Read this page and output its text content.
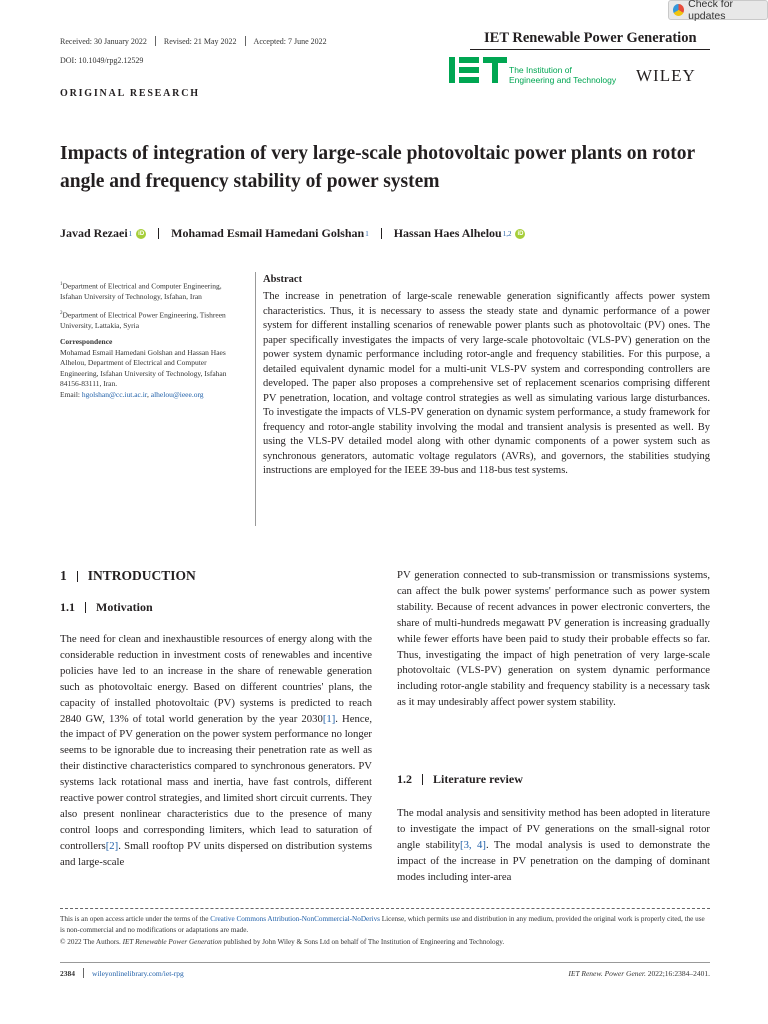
Check for updates
Received: 30 January 2022 Revised: 21 May 2022 Accepted: 7 June 2022
DOI: 10.1049/rpg2.12529
ORIGINAL RESEARCH
IET Renewable Power Generation
The Institution of
Engineering and Technology WILEY
Impacts of integration of very large-scale photovoltaic power plants on rotor angle and frequency stability of power system
Javad Rezaei 1	iD Mohamad Esmail Hamedani Golshan 1 Hassan Haes Alhelou 1,2	iD

$^1$Department of Electrical and Computer Engineering, Isfahan University of Technology, Isfahan, Iran

$^2$Department of Electrical Power Engineering, Tishreen University, Lattakia, Syria

Correspondence
Mohamad Esmail Hamedani Golshan and Hassan Haes Alhelou, Department of Electrical and Computer Engineering, Isfahan University of Technology, Isfahan 84156-83111, Iran.
Email: hgolshan@cc.iut.ac.ir, alhelou@ieee.org
Abstract

The increase in penetration of large-scale renewable generation significantly affects power system characteristics. Thus, it is necessary to assess the steady state and dynamic performance of a power system for different installing scenarios of renewable power plants such as photovoltaic (PV) ones. The paper specifically investigates the impacts of very large-scale photovoltaic (VLS-PV) generation on the power system dynamic performance including rotor-angle and frequency stabilities. For this purpose, a detailed equivalent dynamic model for a multi-unit VLS-PV system and corresponding controllers are developed. The paper also proposes a comprehensive set of replacement scenarios comprising different PV penetration, location, and voltage control strategies as well as simulating various large disturbances. To investigate the impacts of VLS-PV generation on dynamic system performance, a study framework for frequency and rotor-angle stability involving the modal and transient analysis is presented as well. By using the VLS-PV detailed model along with other dynamic components of a power system such as synchronous generators, automatic voltage regulators (AVRs), and governors, the stabilities studying instructions are employed for the IEEE 39-bus and 118-bus test systems.

1 INTRODUCTION
1.1 Motivation
1.2 Literature review

The need for clean and inexhaustible resources of energy along with the considerable reduction in investment costs of renewables and incentive policies have led to an increase in the share of renewable generation such as photovoltaic energy. Based on different countries' plans, the capacity of installed photovoltaic (PV) systems is predicted to reach 2840 GW, 13% of total world generation by the year 2030[1]. Hence, the impact of PV generation on the power system performance no longer seems to be ignorable due to increasing their penetration rate as well as their distinctive characteristics compared to synchronous generators. PV systems lack rotational mass and inertia, have fast controls, different reactive power control strategies, and limited short circuit currents. They also present nonlinear characteristics due to the presence of many control loops and corresponding limiters, which lead to saturation of controllers[2]. Small rooftop PV units dispersed on distribution systems and large-scale

PV generation connected to sub-transmission or transmissions systems, can affect the bulk power systems' performance such as power system stability. Because of recent advances in power electronic converters, the share of multi-hundreds megawatt PV generation is increasing gradually while fewer efforts have been paid to study their probable effects so far. Thus, investigating the impact of high penetration of very large-scale photovoltaic (VLS-PV) generation on system dynamic performance including rotor-angle stability and frequency stability is a necessary task as it may undesirably affect power system stability.

The modal analysis and sensitivity method has been adopted in literature to investigate the impact of PV generations on the small-signal rotor angle stability[3, 4]. The modal analysis is used to demonstrate the impact of the increase in PV penetration on the damping of dominant modes including inter-area

This is an open access article under the terms of the Creative Commons Attribution-NonCommercial-NoDerivs License, which permits use and distribution in any medium, provided the original work is properly cited, the use is non-commercial and no modifications or adaptations are made.
© 2022 The Authors. IET Renewable Power Generation published by John Wiley & Sons Ltd on behalf of The Institution of Engineering and Technology.
2384 wileyonlinelibrary.com/iet-rpg	IET Renew. Power Gener. 2022;16:2384–2401.
